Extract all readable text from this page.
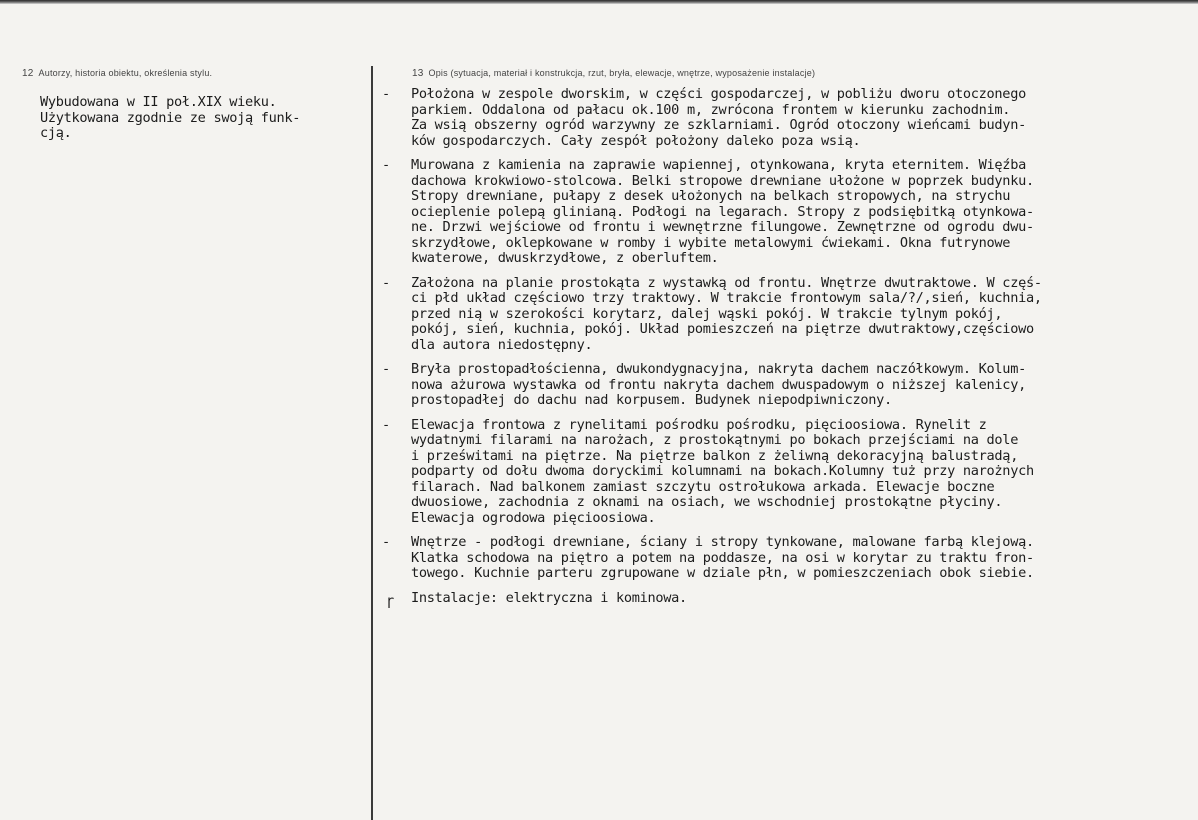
12 Autorzy, historia obiektu, określenia stylu.
Wybudowana w II poł.XIX wieku.
Użytkowana zgodnie ze swoją funk-
cją.
13 Opis (sytuacja, materiał i konstrukcja, rzut, bryła, elewacje, wnętrze, wyposażenie instalacje)
- Położona w zespole dworskim, w części gospodarczej, w pobliżu dworu otoczonego
parkiem. Oddalona od pałacu ok.100 m, zwrócona frontem w kierunku zachodnim.
Za wsią obszerny ogród warzywny ze szklarniami. Ogród otoczony wieńcami budyn-
ków gospodarczych. Cały zespół położony daleko poza wsią.
- Murowana z kamienia na zaprawie wapiennej, otynkowana, kryta eternitem. Więźba
dachowa krokwiowo-stolcowa. Belki stropowe drewniane ułożone w poprzek budynku.
Stropy drewniane, pułapy z desek ułożonych na belkach stropowych, na strychu
ocieplenie polepą glinianą. Podłogi na legarach. Stropy z podsiębitką otynkowa-
ne. Drzwi wejściowe od frontu i wewnętrzne filungowe. Zewnętrzne od ogrodu dwu-
skrzydłowe, oklepkowane w romby i wybite metalowymi ćwiekami. Okna futrynowe
kwaterowe, dwuskrzydłowe, z oberluftem.
- Założona na planie prostokąta z wystawką od frontu. Wnętrze dwutraktowe. W częś-
ci płd układ częściowo trzy traktowy. W trakcie frontowym sala/?/,sień, kuchnia,
przed nią w szerokości korytarz, dalej wąski pokój. W trakcie tylnym pokój,
pokój, sień, kuchnia, pokój. Układ pomieszczeń na piętrze dwutraktowy,częściowo
dla autora niedostępny.
- Bryła prostopadłościenna, dwukondygnacyjna, nakryta dachem naczółkowym. Kolum-
nowa ażurowa wystawka od frontu nakryta dachem dwuspadowym o niższej kalenicy,
prostopadłej do dachu nad korpusem. Budynek niepodpiwniczony.
- Elewacja frontowa z rynelitami pośrodku pośrodku, pięcioosiowa. Rynelit z
wydatnymi filarami na narożach, z prostokątnymi po bokach przejściami na dole
i prześwitami na piętrze. Na piętrze balkon z żeliwną dekoracyjną balustradą,
podparty od dołu dwoma doryckimi kolumnami na bokach.Kolumny tuż przy narożnych
filarach. Nad balkonem zamiast szczytu ostrołukowa arkada. Elewacje boczne
dwuosiowe, zachodnia z oknami na osiach, we wschodniej prostokątne płyciny.
Elewacja ogrodowa pięcioosiowa.
- Wnętrze - podłogi drewniane, ściany i stropy tynkowane, malowane farbą klejową.
Klatka schodowa na piętro a potem na poddasze, na osi w korytar zu traktu fron-
towego. Kuchnie parteru zgrupowane w dziale płn, w pomieszczeniach obok siebie.
ɼ Instalacje: elektryczna i kominowa.
